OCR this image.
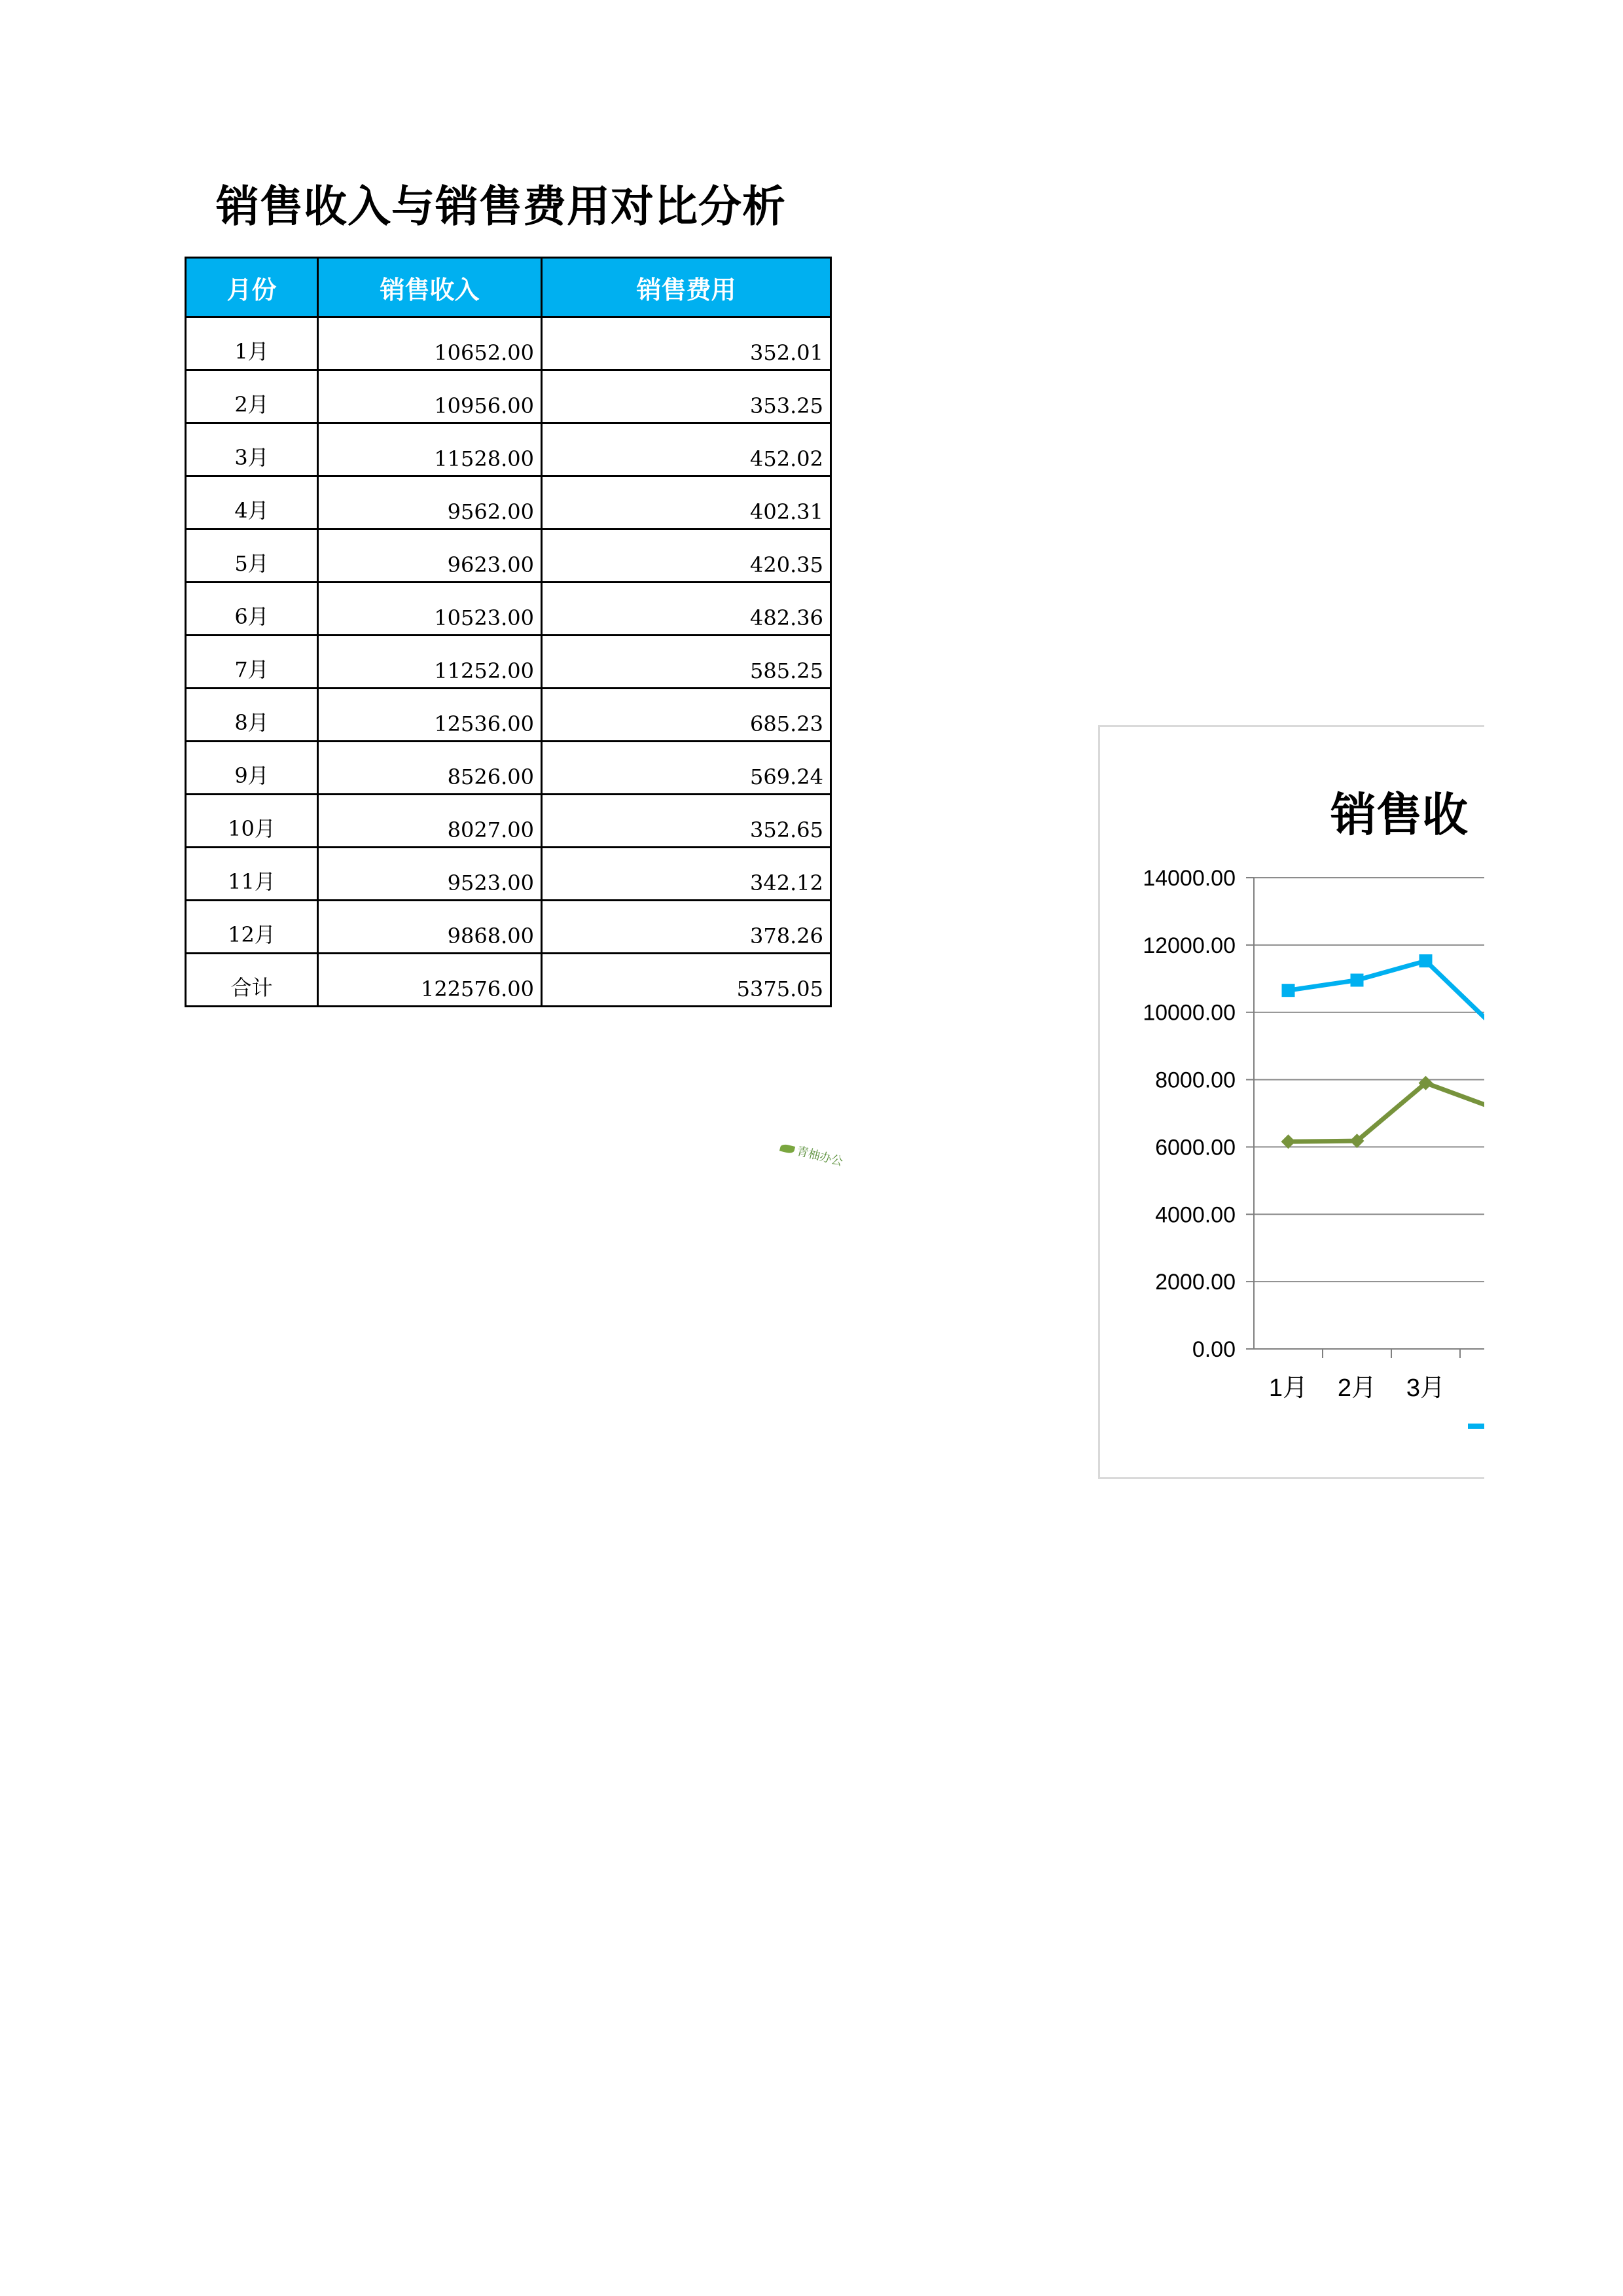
销售收入与销售费用对比分析
月份	销售收入	销售费用
1月	10652.00	352.01
2月	10956.00	353.25
3月	11528.00	452.02
4月	9562.00	402.31
5月	9623.00	420.35
6月	10523.00	482.36
7月	11252.00	585.25
8月	12536.00	685.23
9月	8526.00	569.24
10月	8027.00	352.65
11月	9523.00	342.12
12月	9868.00	378.26
合计	122576.00	5375.05
青柚办公
销售收
0.00
2000.00
4000.00
6000.00
8000.00
10000.00
12000.00
14000.00
1月 2月 3月 4
